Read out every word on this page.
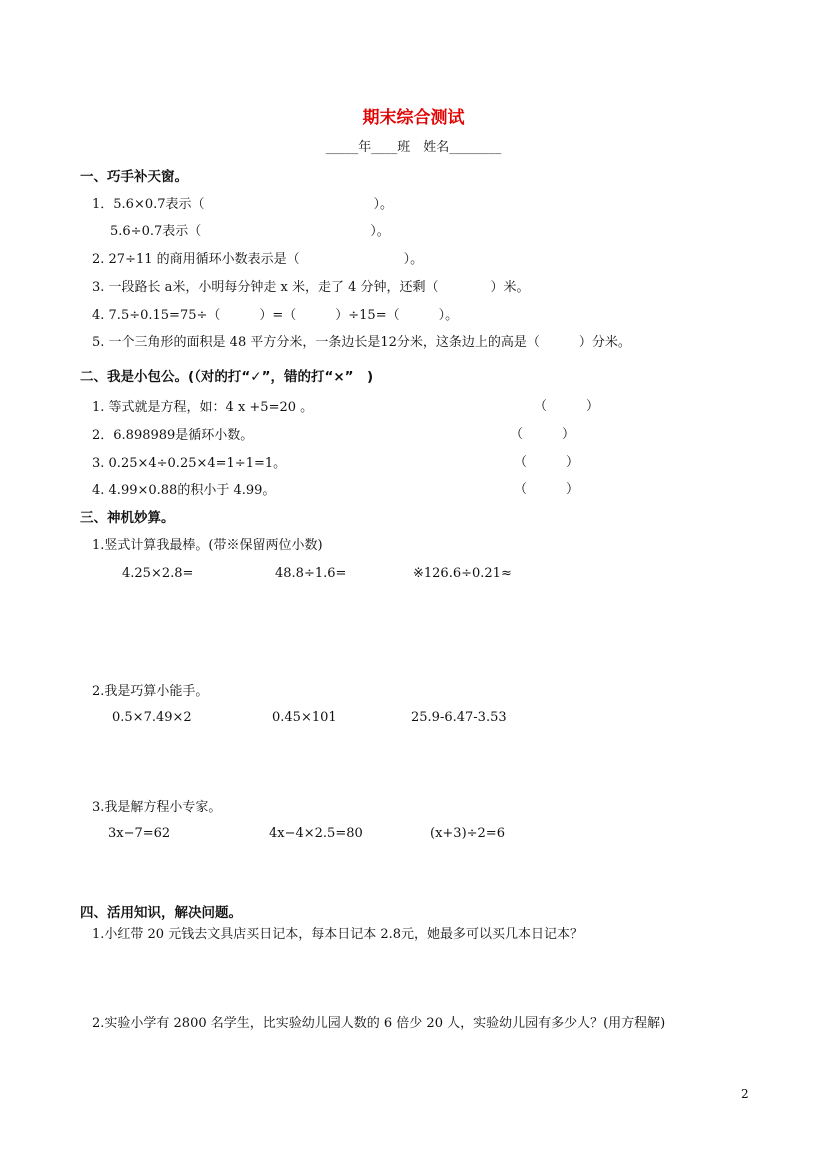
期末综合测试
_____年____班　姓名________
一、巧手补天窗。
1．5.6×0.7表示（　　　　　　　　　　　　　）。
5.6÷0.7表示（　　　　　　　　　　　　　）。
2. 27÷11 的商用循环小数表示是（　　　　　　　　）。
3. 一段路长 a米，小明每分钟走 x 米，走了 4 分钟，还剩（　　　　）米。
4. 7.5÷0.15=75÷（　　　）=（　　　）÷15=（　　　）。
5. 一个三角形的面积是 48 平方分米，一条边长是12分米，这条边上的高是（　　　）分米。
二、我是小包公。(（对的打“✓”，错的打“×”　)
1. 等式就是方程，如：4 x +5=20 。	（　　　）
2．6.898989是循环小数。	（　　　）
3. 0.25×4÷0.25×4=1÷1=1。	（　　　）
4. 4.99×0.88的积小于 4.99。	（　　　）
三、神机妙算。
1.竖式计算我最棒。(带※保留两位小数)
4.25×2.8=	48.8÷1.6=	※126.6÷0.21≈
2.我是巧算小能手。
0.5×7.49×2	0.45×101	25.9-6.47-3.53
3.我是解方程小专家。
3x−7=62	4x−4×2.5=80	(x+3)÷2=6
四、活用知识，解决问题。
1.小红带 20 元钱去文具店买日记本，每本日记本 2.8元，她最多可以买几本日记本？
2.实验小学有 2800 名学生，比实验幼儿园人数的 6 倍少 20 人，实验幼儿园有多少人？(用方程解)
2
